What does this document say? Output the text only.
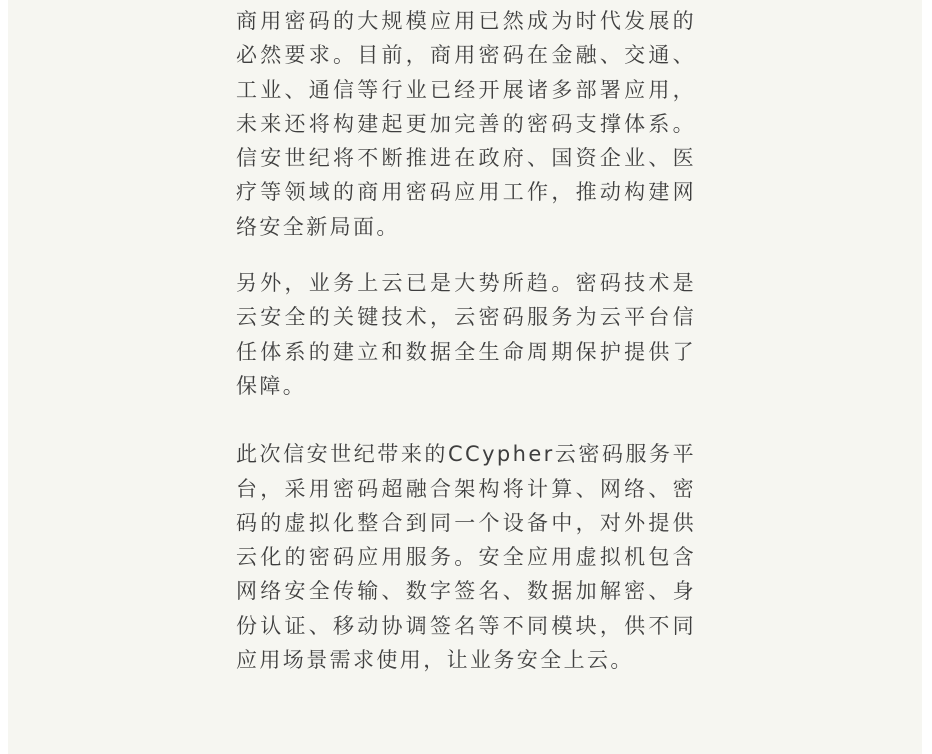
商用密码的大规模应用已然成为时代发展的必然要求。目前，商用密码在金融、交通、工业、通信等行业已经开展诸多部署应用，未来还将构建起更加完善的密码支撑体系。信安世纪将不断推进在政府、国资企业、医疗等领域的商用密码应用工作，推动构建网络安全新局面。

另外，业务上云已是大势所趋。密码技术是云安全的关键技术，云密码服务为云平台信任体系的建立和数据全生命周期保护提供了保障。

此次信安世纪带来的CCypher云密码服务平台，采用密码超融合架构将计算、网络、密码的虚拟化整合到同一个设备中，对外提供云化的密码应用服务。安全应用虚拟机包含网络安全传输、数字签名、数据加解密、身份认证、移动协调签名等不同模块，供不同应用场景需求使用，让业务安全上云。
